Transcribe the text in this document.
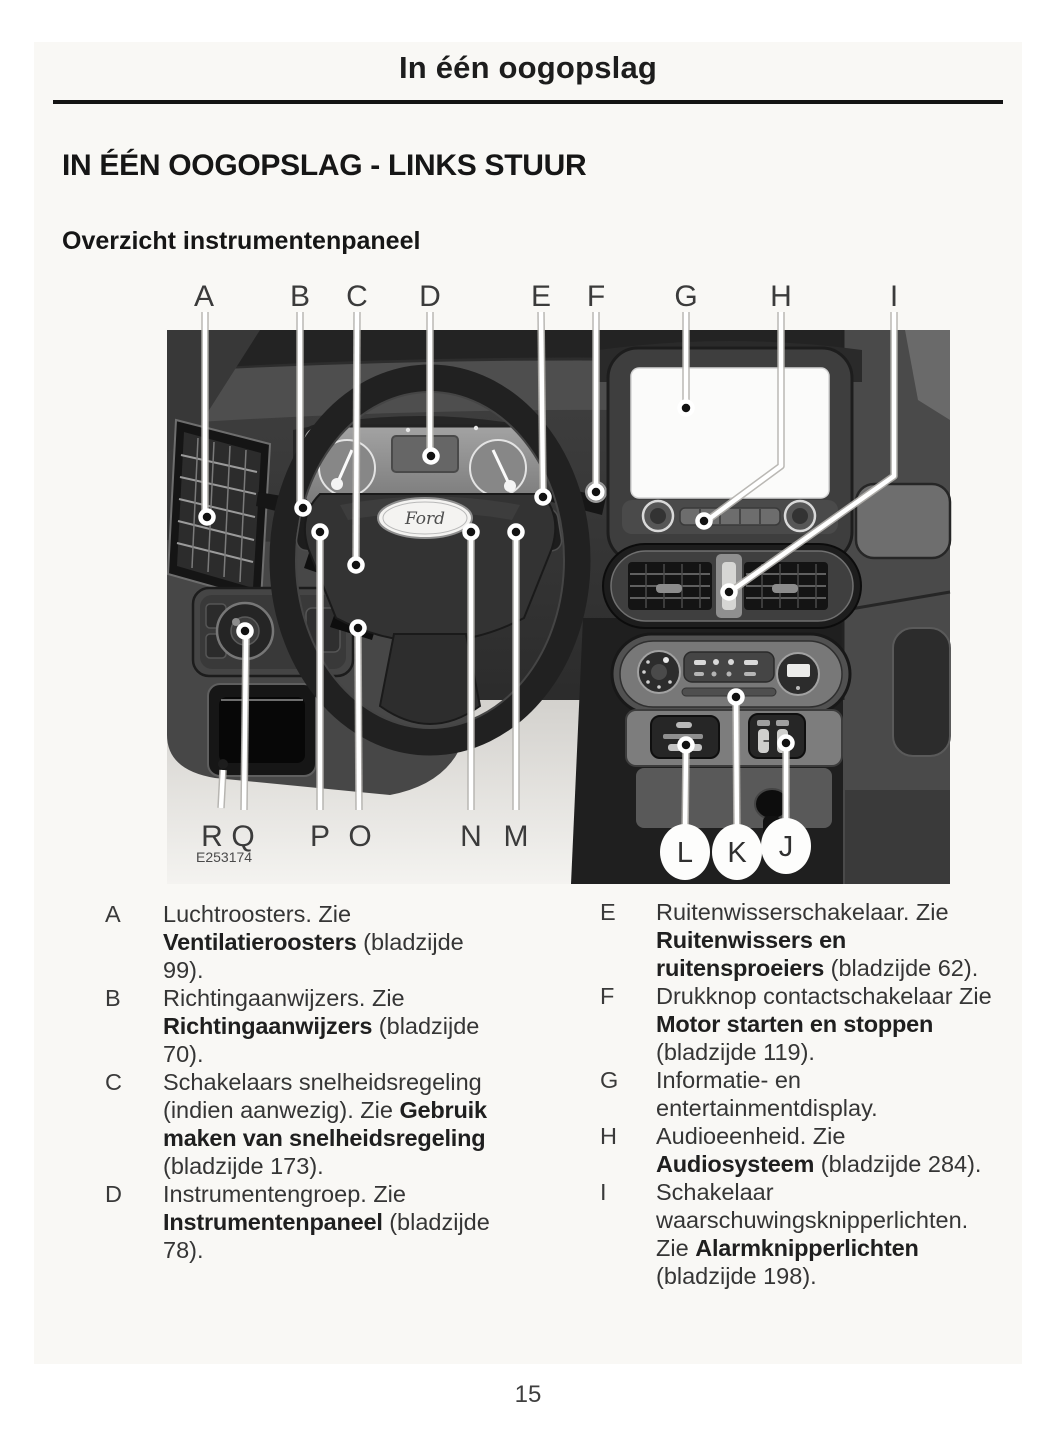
In één oogopslag
IN ÉÉN OOGOPSLAG - LINKS STUUR
Overzicht instrumentenpaneel
Ford
A	B C D	E F G H	I
R Q P O	N M	L K J
E253174
A	Luchtroosters. Zie
Ventilatieroosters (bladzijde
99).
B	Richtingaanwijzers. Zie
Richtingaanwijzers (bladzijde
70).
C	Schakelaars snelheidsregeling
(indien aanwezig). Zie Gebruik
maken van snelheidsregeling
(bladzijde 173).
D	Instrumentengroep. Zie
Instrumentenpaneel (bladzijde
78).
E	Ruitenwisserschakelaar. Zie
Ruitenwissers en
ruitensproeiers (bladzijde 62).
F	Drukknop contactschakelaar Zie
Motor starten en stoppen
(bladzijde 119).
G	Informatie- en
entertainmentdisplay.
H	Audioeenheid. Zie
Audiosysteem (bladzijde 284).
I	Schakelaar
waarschuwingsknipperlichten.
Zie Alarmknipperlichten
(bladzijde 198).
15
